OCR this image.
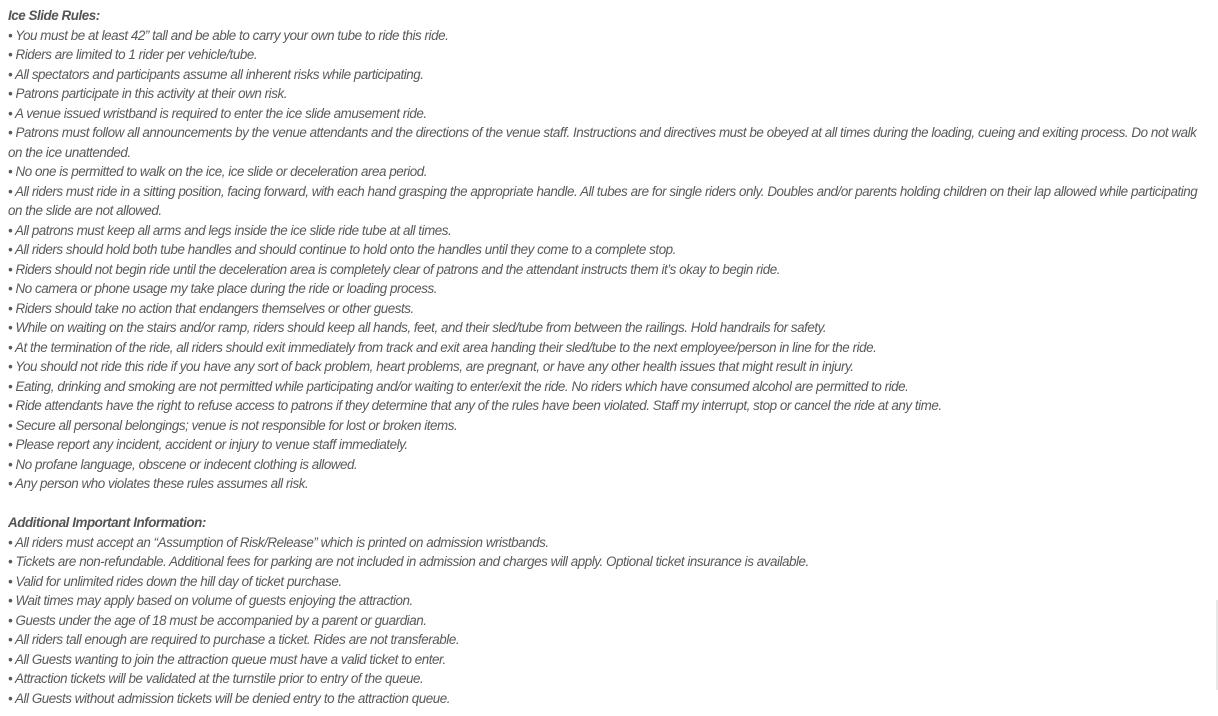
Ice Slide Rules:

• You must be at least 42” tall and be able to carry your own tube to ride this ride.
• Riders are limited to 1 rider per vehicle/tube.
• All spectators and participants assume all inherent risks while participating.
• Patrons participate in this activity at their own risk.
• A venue issued wristband is required to enter the ice slide amusement ride.
• Patrons must follow all announcements by the venue attendants and the directions of the venue staff. Instructions and directives must be obeyed at all times during the loading, cueing and exiting process. Do not walk on the ice unattended.
• No one is permitted to walk on the ice, ice slide or deceleration area period.
• All riders must ride in a sitting position, facing forward, with each hand grasping the appropriate handle. All tubes are for single riders only. Doubles and/or parents holding children on their lap allowed while participating on the slide are not allowed.
• All patrons must keep all arms and legs inside the ice slide ride tube at all times.
• All riders should hold both tube handles and should continue to hold onto the handles until they come to a complete stop.
• Riders should not begin ride until the deceleration area is completely clear of patrons and the attendant instructs them it’s okay to begin ride.
• No camera or phone usage my take place during the ride or loading process.
• Riders should take no action that endangers themselves or other guests.
• While on waiting on the stairs and/or ramp, riders should keep all hands, feet, and their sled/tube from between the railings. Hold handrails for safety.
• At the termination of the ride, all riders should exit immediately from track and exit area handing their sled/tube to the next employee/person in line for the ride.
• You should not ride this ride if you have any sort of back problem, heart problems, are pregnant, or have any other health issues that might result in injury.
• Eating, drinking and smoking are not permitted while participating and/or waiting to enter/exit the ride. No riders which have consumed alcohol are permitted to ride.
• Ride attendants have the right to refuse access to patrons if they determine that any of the rules have been violated. Staff my interrupt, stop or cancel the ride at any time.
• Secure all personal belongings; venue is not responsible for lost or broken items.
• Please report any incident, accident or injury to venue staff immediately.
• No profane language, obscene or indecent clothing is allowed.
• Any person who violates these rules assumes all risk.

Additional Important Information:

• All riders must accept an “Assumption of Risk/Release” which is printed on admission wristbands.
• Tickets are non-refundable. Additional fees for parking are not included in admission and charges will apply. Optional ticket insurance is available.
• Valid for unlimited rides down the hill day of ticket purchase.
• Wait times may apply based on volume of guests enjoying the attraction.
• Guests under the age of 18 must be accompanied by a parent or guardian.
• All riders tall enough are required to purchase a ticket. Rides are not transferable.
• All Guests wanting to join the attraction queue must have a valid ticket to enter.
• Attraction tickets will be validated at the turnstile prior to entry of the queue.
• All Guests without admission tickets will be denied entry to the attraction queue.
